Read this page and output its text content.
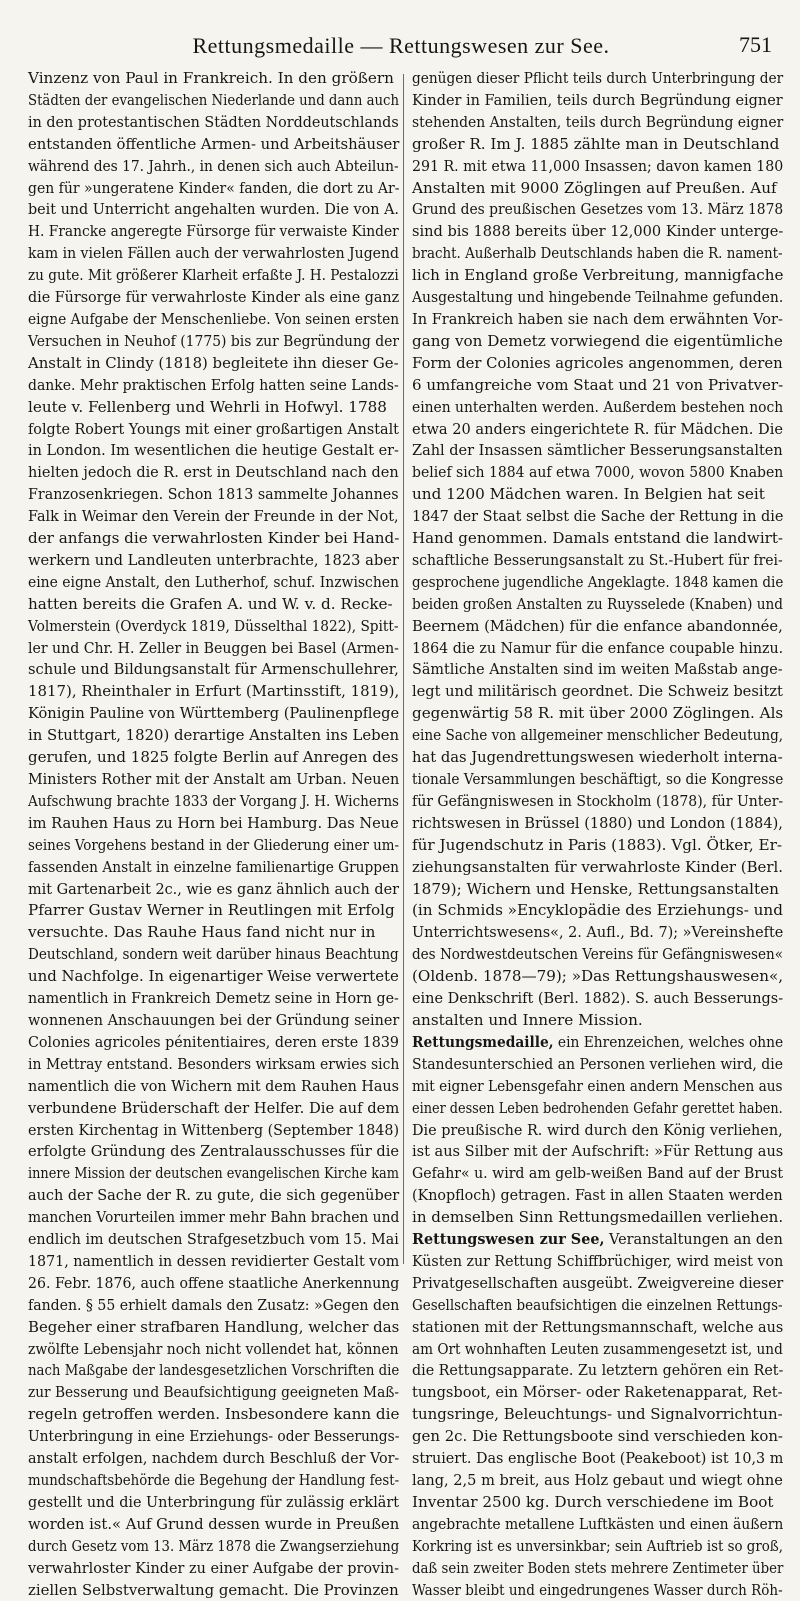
Rettungsmedaille — Rettungswesen zur See.	751
Vinzenz von Paul in Frankreich. In den größern
Städten der evangelischen Niederlande und dann auch
in den protestantischen Städten Norddeutschlands
entstanden öffentliche Armen- und Arbeitshäuser
während des 17. Jahrh., in denen sich auch Abteilun-
gen für »ungeratene Kinder« fanden, die dort zu Ar-
beit und Unterricht angehalten wurden. Die von A.
H. Francke angeregte Fürsorge für verwaiste Kinder
kam in vielen Fällen auch der verwahrlosten Jugend
zu gute. Mit größerer Klarheit erfaßte J. H. Pestalozzi
die Fürsorge für verwahrloste Kinder als eine ganz
eigne Aufgabe der Menschenliebe. Von seinen ersten
Versuchen in Neuhof (1775) bis zur Begründung der
Anstalt in Clindy (1818) begleitete ihn dieser Ge-
danke. Mehr praktischen Erfolg hatten seine Lands-
leute v. Fellenberg und Wehrli in Hofwyl. 1788
folgte Robert Youngs mit einer großartigen Anstalt
in London. Im wesentlichen die heutige Gestalt er-
hielten jedoch die R. erst in Deutschland nach den
Franzosenkriegen. Schon 1813 sammelte Johannes
Falk in Weimar den Verein der Freunde in der Not,
der anfangs die verwahrlosten Kinder bei Hand-
werkern und Landleuten unterbrachte, 1823 aber
eine eigne Anstalt, den Lutherhof, schuf. Inzwischen
hatten bereits die Grafen A. und W. v. d. Recke-
Volmerstein (Overdyck 1819, Düsselthal 1822), Spitt-
ler und Chr. H. Zeller in Beuggen bei Basel (Armen-
schule und Bildungsanstalt für Armenschullehrer,
1817), Rheinthaler in Erfurt (Martinsstift, 1819),
Königin Pauline von Württemberg (Paulinenpflege
in Stuttgart, 1820) derartige Anstalten ins Leben
gerufen, und 1825 folgte Berlin auf Anregen des
Ministers Rother mit der Anstalt am Urban. Neuen
Aufschwung brachte 1833 der Vorgang J. H. Wicherns
im Rauhen Haus zu Horn bei Hamburg. Das Neue
seines Vorgehens bestand in der Gliederung einer um-
fassenden Anstalt in einzelne familienartige Gruppen
mit Gartenarbeit 2c., wie es ganz ähnlich auch der
Pfarrer Gustav Werner in Reutlingen mit Erfolg
versuchte. Das Rauhe Haus fand nicht nur in
Deutschland, sondern weit darüber hinaus Beachtung
und Nachfolge. In eigenartiger Weise verwertete
namentlich in Frankreich Demetz seine in Horn ge-
wonnenen Anschauungen bei der Gründung seiner
Colonies agricoles pénitentiaires, deren erste 1839
in Mettray entstand. Besonders wirksam erwies sich
namentlich die von Wichern mit dem Rauhen Haus
verbundene Brüderschaft der Helfer. Die auf dem
ersten Kirchentag in Wittenberg (September 1848)
erfolgte Gründung des Zentralausschusses für die
innere Mission der deutschen evangelischen Kirche kam
auch der Sache der R. zu gute, die sich gegenüber
manchen Vorurteilen immer mehr Bahn brachen und
endlich im deutschen Strafgesetzbuch vom 15. Mai
1871, namentlich in dessen revidierter Gestalt vom
26. Febr. 1876, auch offene staatliche Anerkennung
fanden. § 55 erhielt damals den Zusatz: »Gegen den
Begeher einer strafbaren Handlung, welcher das
zwölfte Lebensjahr noch nicht vollendet hat, können
nach Maßgabe der landesgesetzlichen Vorschriften die
zur Besserung und Beaufsichtigung geeigneten Maß-
regeln getroffen werden. Insbesondere kann die
Unterbringung in eine Erziehungs- oder Besserungs-
anstalt erfolgen, nachdem durch Beschluß der Vor-
mundschaftsbehörde die Begehung der Handlung fest-
gestellt und die Unterbringung für zulässig erklärt
worden ist.« Auf Grund dessen wurde in Preußen
durch Gesetz vom 13. März 1878 die Zwangserziehung
verwahrloster Kinder zu einer Aufgabe der provin-
ziellen Selbstverwaltung gemacht. Die Provinzen
genügen dieser Pflicht teils durch Unterbringung der
Kinder in Familien, teils durch Begründung eigner
stehenden Anstalten, teils durch Begründung eigner
großer R. Im J. 1885 zählte man in Deutschland
291 R. mit etwa 11,000 Insassen; davon kamen 180
Anstalten mit 9000 Zöglingen auf Preußen. Auf
Grund des preußischen Gesetzes vom 13. März 1878
sind bis 1888 bereits über 12,000 Kinder unterge-
bracht. Außerhalb Deutschlands haben die R. nament-
lich in England große Verbreitung, mannigfache
Ausgestaltung und hingebende Teilnahme gefunden.
In Frankreich haben sie nach dem erwähnten Vor-
gang von Demetz vorwiegend die eigentümliche
Form der Colonies agricoles angenommen, deren
6 umfangreiche vom Staat und 21 von Privatver-
einen unterhalten werden. Außerdem bestehen noch
etwa 20 anders eingerichtete R. für Mädchen. Die
Zahl der Insassen sämtlicher Besserungsanstalten
belief sich 1884 auf etwa 7000, wovon 5800 Knaben
und 1200 Mädchen waren. In Belgien hat seit
1847 der Staat selbst die Sache der Rettung in die
Hand genommen. Damals entstand die landwirt-
schaftliche Besserungsanstalt zu St.-Hubert für frei-
gesprochene jugendliche Angeklagte. 1848 kamen die
beiden großen Anstalten zu Ruysselede (Knaben) und
Beernem (Mädchen) für die enfance abandonnée,
1864 die zu Namur für die enfance coupable hinzu.
Sämtliche Anstalten sind im weiten Maßstab ange-
legt und militärisch geordnet. Die Schweiz besitzt
gegenwärtig 58 R. mit über 2000 Zöglingen. Als
eine Sache von allgemeiner menschlicher Bedeutung,
hat das Jugendrettungswesen wiederholt interna-
tionale Versammlungen beschäftigt, so die Kongresse
für Gefängniswesen in Stockholm (1878), für Unter-
richtswesen in Brüssel (1880) und London (1884),
für Jugendschutz in Paris (1883). Vgl. Ötker, Er-
ziehungsanstalten für verwahrloste Kinder (Berl.
1879); Wichern und Henske, Rettungsanstalten
(in Schmids »Encyklopädie des Erziehungs- und
Unterrichtswesens«, 2. Aufl., Bd. 7); »Vereinshefte
des Nordwestdeutschen Vereins für Gefängniswesen«
(Oldenb. 1878—79); »Das Rettungshauswesen«,
eine Denkschrift (Berl. 1882). S. auch Besserungs-
anstalten und Innere Mission.
Rettungsmedaille, ein Ehrenzeichen, welches ohne
Standesunterschied an Personen verliehen wird, die
mit eigner Lebensgefahr einen andern Menschen aus
einer dessen Leben bedrohenden Gefahr gerettet haben.
Die preußische R. wird durch den König verliehen,
ist aus Silber mit der Aufschrift: »Für Rettung aus
Gefahr« u. wird am gelb-weißen Band auf der Brust
(Knopfloch) getragen. Fast in allen Staaten werden
in demselben Sinn Rettungsmedaillen verliehen.
Rettungswesen zur See, Veranstaltungen an den
Küsten zur Rettung Schiffbrüchiger, wird meist von
Privatgesellschaften ausgeübt. Zweigvereine dieser
Gesellschaften beaufsichtigen die einzelnen Rettungs-
stationen mit der Rettungsmannschaft, welche aus
am Ort wohnhaften Leuten zusammengesetzt ist, und
die Rettungsapparate. Zu letztern gehören ein Ret-
tungsboot, ein Mörser- oder Raketenapparat, Ret-
tungsringe, Beleuchtungs- und Signalvorrichtun-
gen 2c. Die Rettungsboote sind verschieden kon-
struiert. Das englische Boot (Peakeboot) ist 10,3 m
lang, 2,5 m breit, aus Holz gebaut und wiegt ohne
Inventar 2500 kg. Durch verschiedene im Boot
angebrachte metallene Luftkästen und einen äußern
Korkring ist es unversinkbar; sein Auftrieb ist so groß,
daß sein zweiter Boden stets mehrere Zentimeter über
Wasser bleibt und eingedrungenes Wasser durch Röh-
